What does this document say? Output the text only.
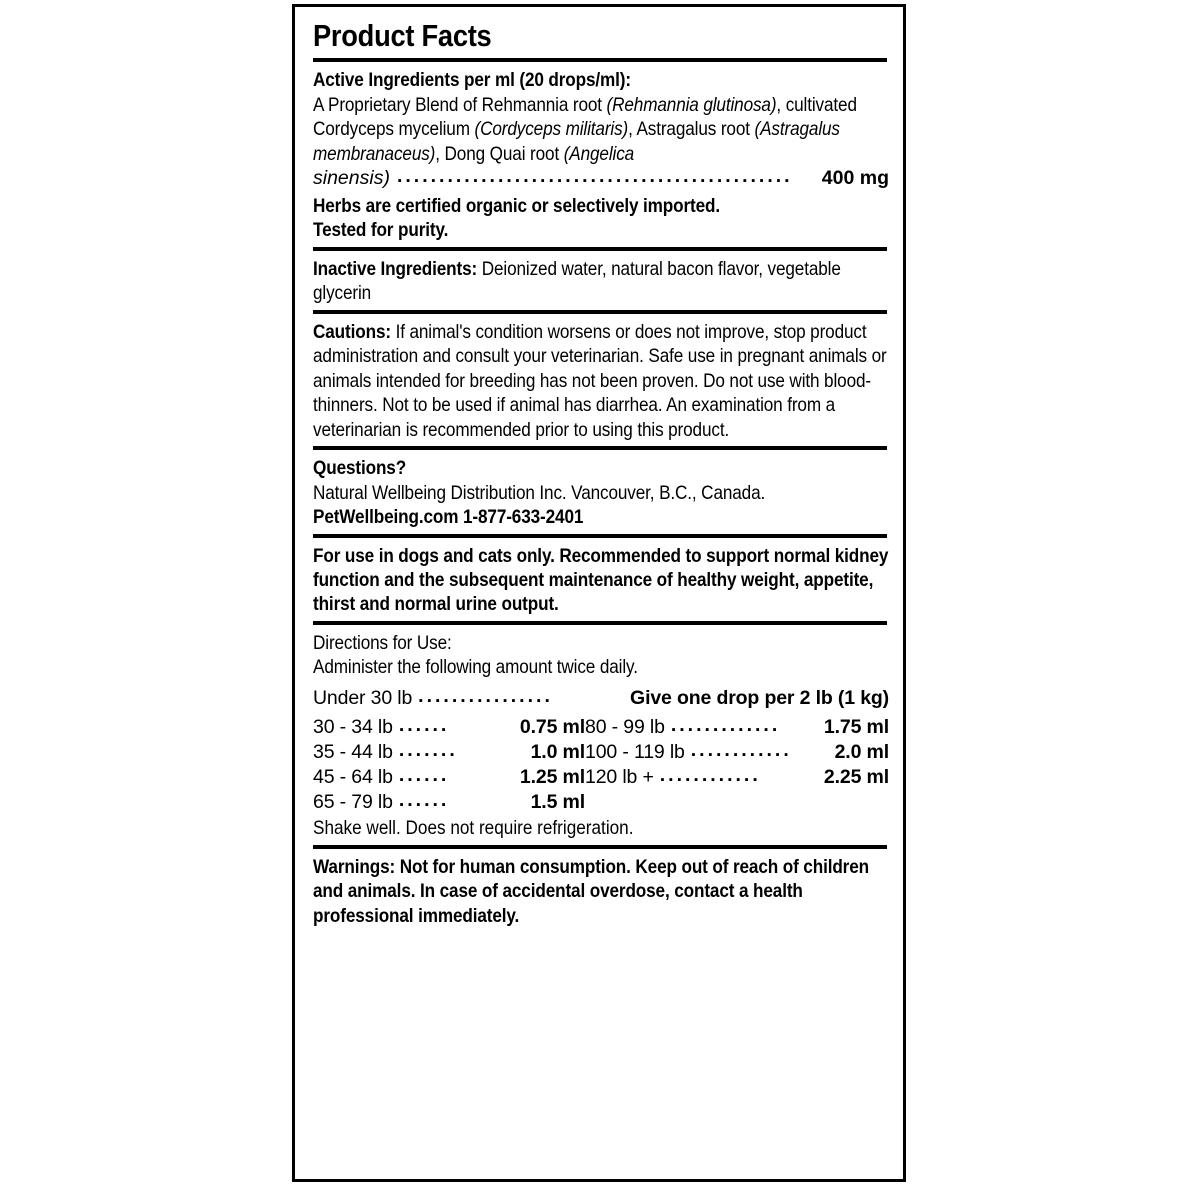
Product Facts
Active Ingredients per ml (20 drops/ml):
A Proprietary Blend of Rehmannia root (Rehmannia glutinosa), cultivated Cordyceps mycelium (Cordyceps militaris), Astragalus root (Astragalus membranaceus), Dong Quai root (Angelica
sinensis) ...............................................	400 mg
Herbs are certified organic or selectively imported.
Tested for purity.
Inactive Ingredients: Deionized water, natural bacon flavor, vegetable glycerin
Cautions: If animal's condition worsens or does not improve, stop product administration and consult your veterinarian. Safe use in pregnant animals or animals intended for breeding has not been proven. Do not use with blood-thinners. Not to be used if animal has diarrhea. An examination from a veterinarian is recommended prior to using this product.
Questions?
Natural Wellbeing Distribution Inc. Vancouver, B.C., Canada.
PetWellbeing.com 1-877-633-2401
For use in dogs and cats only. Recommended to support normal kidney function and the subsequent maintenance of healthy weight, appetite, thirst and normal urine output.
Directions for Use:
Administer the following amount twice daily.
Under 30 lb ................	Give one drop per 2 lb (1 kg)
30 - 34 lb ......	0.75 ml 80 - 99 lb .............	1.75 ml
35 - 44 lb .......	1.0 ml 100 - 119 lb ............	2.0 ml
45 - 64 lb ......	1.25 ml 120 lb + ............	2.25 ml
65 - 79 lb ......	1.5 ml
Shake well. Does not require refrigeration.
Warnings: Not for human consumption. Keep out of reach of children and animals. In case of accidental overdose, contact a health professional immediately.
